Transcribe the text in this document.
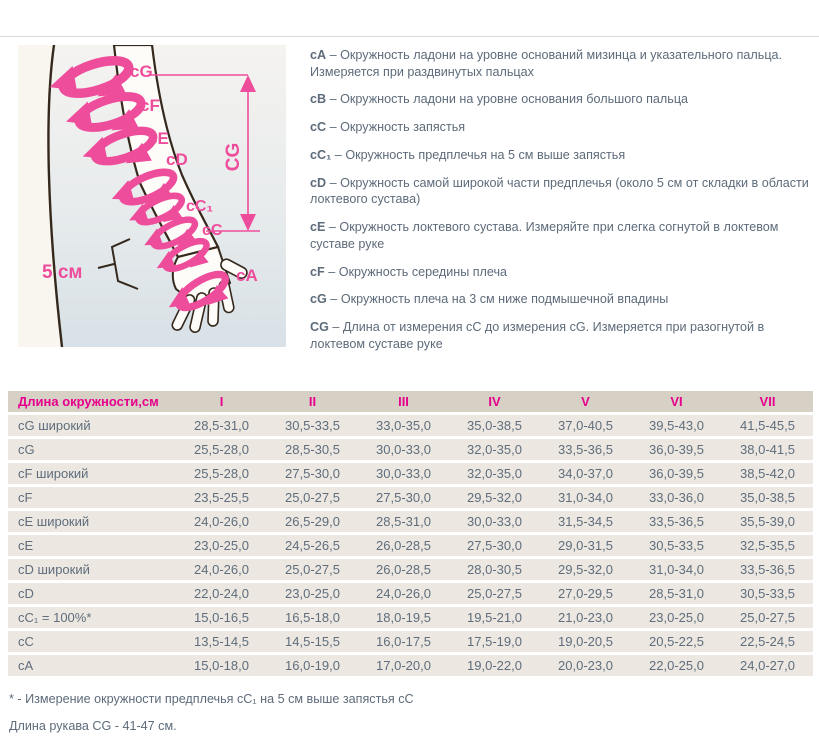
cG
cF
cE
cD
cC₁
cC
cA
5 см
CG

cA – Окружность ладони на уровне оснований мизинца и указательного пальца. Измеряется при раздвинутых пальцах

cB – Окружность ладони на уровне основания большого пальца

cC – Окружность запястья

cC₁ – Окружность предплечья на 5 см выше запястья

cD – Окружность самой широкой части предплечья (около 5 см от складки в области локтевого сустава)

cE – Окружность локтевого сустава. Измеряйте при слегка согнутой в локтевом суставе руке

cF – Окружность середины плеча

cG – Окружность плеча на 3 см ниже подмышечной впадины

CG – Длина от измерения сС до измерения сG. Измеряется при разогнутой в локтевом суставе руке

Длина окружности,см	I	II	III	IV	V	VI	VII
cG широкий	28,5-31,0	30,5-33,5	33,0-35,0	35,0-38,5	37,0-40,5	39,5-43,0	41,5-45,5
cG	25,5-28,0	28,5-30,5	30,0-33,0	32,0-35,0	33,5-36,5	36,0-39,5	38,0-41,5
cF широкий	25,5-28,0	27,5-30,0	30,0-33,0	32,0-35,0	34,0-37,0	36,0-39,5	38,5-42,0
cF	23,5-25,5	25,0-27,5	27,5-30,0	29,5-32,0	31,0-34,0	33,0-36,0	35,0-38,5
cE широкий	24,0-26,0	26,5-29,0	28,5-31,0	30,0-33,0	31,5-34,5	33,5-36,5	35,5-39,0
cE	23,0-25,0	24,5-26,5	26,0-28,5	27,5-30,0	29,0-31,5	30,5-33,5	32,5-35,5
cD широкий	24,0-26,0	25,0-27,5	26,0-28,5	28,0-30,5	29,5-32,0	31,0-34,0	33,5-36,5
cD	22,0-24,0	23,0-25,0	24,0-26,0	25,0-27,5	27,0-29,5	28,5-31,0	30,5-33,5
cC₁ = 100%*	15,0-16,5	16,5-18,0	18,0-19,5	19,5-21,0	21,0-23,0	23,0-25,0	25,0-27,5
cC	13,5-14,5	14,5-15,5	16,0-17,5	17,5-19,0	19,0-20,5	20,5-22,5	22,5-24,5
cA	15,0-18,0	16,0-19,0	17,0-20,0	19,0-22,0	20,0-23,0	22,0-25,0	24,0-27,0

* - Измерение окружности предплечья сС₁ на 5 см выше запястья сС

Длина рукава CG - 41-47 см.
